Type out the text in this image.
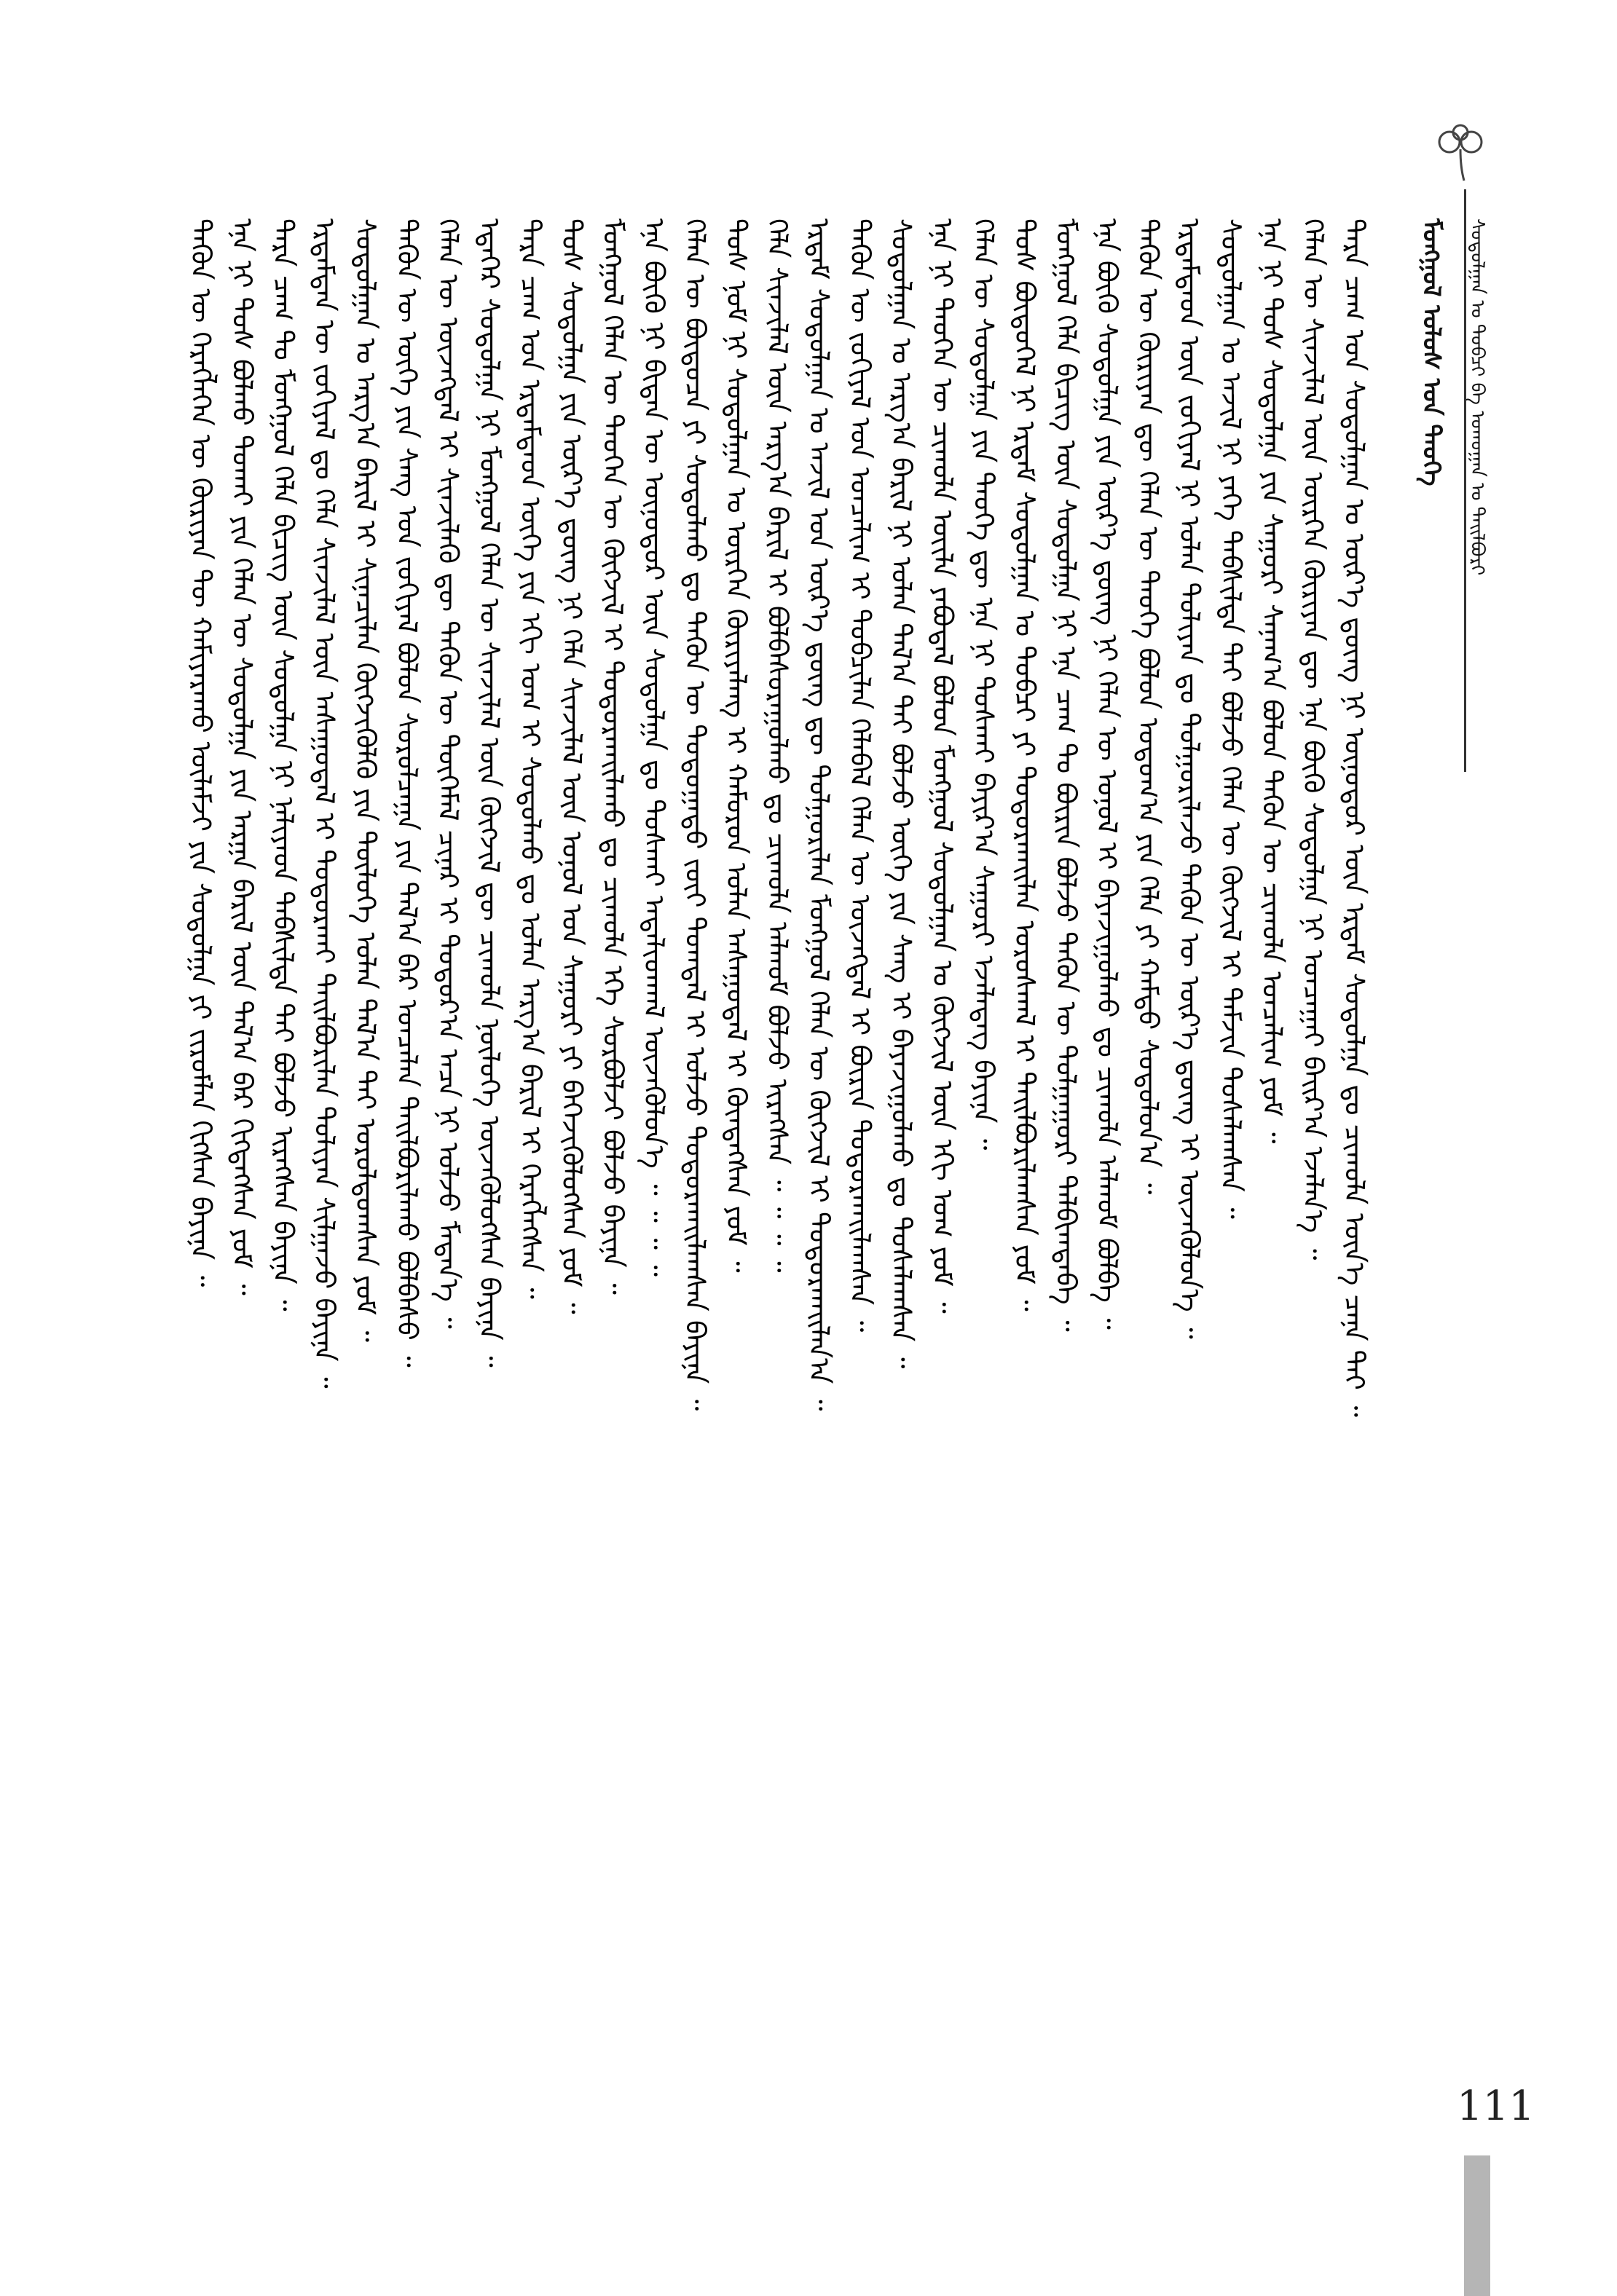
ᠮᠣᠩᠭᠣᠯ ᠤᠯᠤᠰ ᠤᠨ ᠲᠡᠦᠬᠡ	ᠰᠤᠳᠤᠯᠭᠠᠨ ᠤ ᠲᠣᠪᠴᠢ ᠪᠠ ᠤᠬᠤᠭᠠᠨ ᠤ ᠲᠠᠢᠯᠪᠤᠷᠢ
ᠲᠡᠭᠦᠨ ᠦ ᠬᠡᠷᠡᠭᠯᠡᠭᠡᠨ ᠦ ᠬᠦᠷᠢᠶᠡᠨ ᠲᠦ ᠬᠠᠮᠢᠶᠠᠷᠠᠬᠤ ᠦᠯᠡᠮᠵᠢ ᠶᠢᠨ ᠰᠤᠳᠤᠯᠭᠠ ᠶᠢ ᠵᠢᠷᠤᠮᠯᠠᠨ ᠬᠢᠭᠰᠡᠨ ᠪᠠᠶᠢᠨᠠ ᠃ ᠡᠨᠡ ᠨᠢ ᠲᠤᠰ ᠪᠣᠯᠬᠤ ᠲᠤᠬᠠᠢ ᠶᠢᠨ ᠬᠡᠯᠡᠨ ᠦ ᠰᠤᠳᠤᠯᠭᠠ ᠶᠢᠨ ᠠᠷᠭᠠ ᠪᠠᠷᠢᠯ ᠦᠨ ᠲᠠᠯ᠎ᠠ ᠪᠠᠷ ᠬᠢᠭᠳᠡᠭᠰᠡᠨ ᠶᠤᠮ ᠃ ᠲᠡᠷᠡ ᠴᠠᠭ ᠲᠤ ᠮᠣᠩᠭᠣᠯ ᠬᠡᠯᠡ ᠪᠢᠴᠢᠭ ᠦᠨ ᠰᠤᠳᠤᠯᠭᠠ ᠨᠢ ᠨᠡᠯᠢᠶᠡᠳ ᠳᠡᠪᠰᠢᠯᠲᠡ ᠲᠠᠢ ᠪᠣᠯᠵᠤ ᠢᠷᠡᠭᠰᠡᠨ ᠪᠠᠶᠢᠨᠠ ᠃ ᠡᠷᠳᠡᠮᠲᠡᠨ ᠦ ᠵᠣᠬᠢᠶᠠᠯ ᠳᠤ ᠬᠡᠯᠡ ᠰᠢᠨᠵᠢᠯᠡᠯ ᠦᠨ ᠠᠰᠠᠭᠤᠳᠠᠯ ᠢ ᠲᠣᠳᠣᠷᠬᠠᠢ ᠲᠠᠢᠯᠪᠤᠷᠢᠯᠠᠨ ᠲᠤᠯᠢᠶᠠᠨ ᠰᠢᠯᠭᠠᠵᠤ ᠪᠠᠶᠢᠨᠠ ᠃ ᠰᠤᠳᠤᠯᠭᠠᠨ ᠤ ᠠᠷᠭ᠎ᠠ ᠪᠠᠷᠢᠯ ᠢ ᠱᠢᠨᠡᠴᠢᠯᠡᠨ ᠬᠥᠭᠵᠢᠭᠦᠯᠬᠦ ᠶᠢᠨ ᠲᠥᠯᠥᠭᠡ ᠣᠯᠠᠨ ᠲᠠᠯ᠎ᠠ ᠲᠠᠢ ᠣᠷᠣᠯᠳᠤᠭᠰᠠᠨ ᠶᠤᠮ ᠃ ᠲᠡᠭᠦᠨ ᠦ ᠦᠭᠡ ᠶᠢᠨ ᠰᠠᠩ ᠤᠨ ᠵᠣᠬᠢᠶᠠᠯ ᠪᠣᠯᠣᠨ ᠰᠤᠷᠤᠯᠴᠠᠭᠠ ᠶᠢᠨ ᠲᠠᠯ᠎ᠠ ᠪᠠᠷ ᠣᠨᠴᠠᠯᠠᠨ ᠲᠠᠢᠯᠪᠤᠷᠢᠯᠠᠬᠤ ᠪᠣᠯᠪᠠᠰᠤ ᠃ ᠬᠡᠯᠡᠨ ᠦ ᠦᠵᠡᠭᠳᠡᠯ ᠢ ᠰᠢᠨᠵᠢᠯᠡᠬᠦ ᠳᠦ ᠲᠡᠭᠦᠨ ᠦ ᠲᠦᠭᠡᠮᠡᠯ ᠴᠢᠨᠠᠷ ᠢ ᠳᠣᠲᠣᠷ᠎ᠠ ᠠᠴᠠ ᠨᠢ ᠣᠯᠵᠤ ᠮᠡᠳᠡᠨ᠎ᠡ ᠃ ᠡᠳᠡᠭᠡᠷ ᠰᠤᠳᠤᠯᠭᠠ ᠨᠢ ᠮᠣᠩᠭᠣᠯ ᠬᠡᠯᠡᠨ ᠦ ᠰᠢᠨᠵᠢᠯᠡᠯ ᠦᠨ ᠬᠥᠭᠵᠢᠯ ᠳᠦ ᠴᠢᠬᠤᠯᠠ ᠨᠥᠯᠥᠭᠡ ᠦᠵᠡᠭᠦᠯᠦᠭᠰᠡᠨ ᠪᠠᠶᠢᠨᠠ ᠃ ᠲᠡᠷᠡ ᠴᠠᠭ ᠤᠨ ᠡᠷᠳᠡᠮᠲᠡᠳ ᠦᠭᠡ ᠶᠢᠨ ᠡᠬᠢ ᠤᠭ ᠢ ᠰᠤᠳᠤᠯᠬᠤ ᠳᠤ ᠣᠯᠠᠨ ᠠᠷᠭ᠎ᠠ ᠪᠠᠷᠢᠯ ᠢ ᠬᠡᠷᠡᠭᠯᠡᠭᠰᠡᠨ ᠃ ᠲᠤᠰ ᠰᠤᠳᠤᠯᠭᠠ ᠶᠢᠨ ᠦᠷ᠎ᠡ ᠳ᠋ᠦᠩ ᠨᠢ ᠬᠡᠯᠡ ᠰᠢᠨᠵᠢᠯᠡᠯ ᠦᠨ ᠣᠨᠣᠯ ᠤᠨ ᠰᠠᠭᠤᠷᠢ ᠶᠢ ᠪᠡᠬᠡᠵᠢᠭᠦᠯᠦᠭᠰᠡᠨ ᠶᠤᠮ ᠃ ᠮᠣᠩᠭᠣᠯ ᠬᠡᠯᠡᠨ ᠦ ᠲᠡᠦᠬᠡᠨ ᠦ ᠬᠥᠭᠵᠢᠯ ᠢ ᠲᠣᠳᠣᠷᠬᠠᠢᠯᠠᠬᠤ ᠳᠤ ᠴᠢᠬᠤᠯᠠ ᠡᠬᠡ ᠰᠤᠷᠪᠤᠯᠵᠢ ᠪᠣᠯᠵᠤ ᠪᠠᠶᠢᠨᠠ ᠃ ᠡᠨᠡ ᠪᠦᠬᠦ ᠨᠢ ᠪᠢᠳᠡᠨ ᠦ ᠥᠨᠥᠳᠦᠷ ᠦᠨ ᠰᠤᠳᠤᠯᠭᠠ ᠳᠤ ᠲᠤᠰᠬᠠᠢ ᠠᠳᠠᠯᠢᠳᠬᠠᠯ ᠦᠵᠡᠭᠦᠯᠦᠨ᠎ᠡ ᠃ ᠃ ᠃ ᠃ ᠬᠡᠯᠡᠨ ᠦ ᠪᠦᠲᠦᠴᠡ ᠶᠢ ᠰᠤᠳᠤᠯᠬᠤ ᠳᠤ ᠲᠡᠭᠦᠨ ᠦ ᠳᠣᠲᠣᠭᠠᠳᠤ ᠵᠦᠢ ᠲᠣᠭᠲᠠᠯ ᠢ ᠣᠯᠵᠤ ᠲᠣᠳᠣᠷᠬᠠᠢᠯᠠᠭᠰᠠᠨ ᠪᠠᠶᠢᠨᠠ ᠃ ᠲᠤᠰ ᠨᠣᠮ ᠨᠢ ᠰᠤᠳᠤᠯᠭᠠᠨ ᠤ ᠥᠷᠭᠡᠨ ᠬᠦᠷᠢᠶᠡᠯᠡᠩ ᠢ ᠬᠠᠮᠤᠷᠤᠨ ᠣᠯᠠᠨ ᠠᠰᠠᠭᠤᠳᠠᠯ ᠢ ᠬᠥᠨᠳᠡᠭᠰᠡᠨ ᠶᠤᠮ ᠃ ᠬᠡᠯᠡ ᠰᠢᠨᠵᠢᠯᠡᠯ ᠦᠨ ᠠᠷᠭ᠎ᠠ ᠪᠠᠷᠢᠯ ᠢ ᠪᠣᠯᠪᠠᠰᠤᠷᠠᠭᠤᠯᠬᠤ ᠳᠤ ᠴᠢᠬᠤᠯᠠ ᠠᠯᠬᠤᠮ ᠪᠣᠯᠵᠤ ᠢᠷᠡᠭᠰᠡᠨ ᠃ ᠃ ᠃ ᠃ ᠡᠷᠳᠡᠮ ᠰᠤᠳᠤᠯᠭᠠᠨ ᠤ ᠠᠵᠢᠯ ᠤᠨ ᠦᠷ᠎ᠡ ᠳ᠋ᠦᠩ ᠳᠦ ᠲᠤᠯᠭᠤᠷᠢᠯᠠᠨ ᠮᠣᠩᠭᠣᠯ ᠬᠡᠯᠡᠨ ᠦ ᠬᠥᠭᠵᠢᠯ ᠢ ᠲᠣᠳᠣᠷᠬᠠᠢᠯᠠᠨ᠎ᠠ ᠃ ᠲᠡᠭᠦᠨ ᠦ ᠵᠣᠬᠢᠶᠠᠯ ᠤᠨ ᠣᠨᠴᠠᠯᠢᠭ ᠢ ᠲᠣᠪᠴᠢᠯᠠᠨ ᠬᠡᠯᠡᠪᠡᠯ ᠬᠡᠯᠡᠨ ᠦ ᠦᠵᠡᠭᠳᠡᠯ ᠢ ᠪᠦᠷᠢᠨ ᠲᠣᠳᠣᠷᠬᠠᠢᠯᠠᠭᠰᠠᠨ ᠃ ᠰᠤᠳᠤᠯᠭᠠᠨ ᠤ ᠠᠷᠭ᠎ᠠ ᠪᠠᠷᠢᠯ ᠨᠢ ᠣᠯᠠᠨ ᠲᠠᠯ᠎ᠠ ᠲᠠᠢ ᠪᠣᠯᠵᠤ ᠦᠭᠡ ᠶᠢᠨ ᠰᠠᠩ ᠢ ᠪᠠᠶᠠᠵᠢᠭᠤᠯᠬᠤ ᠳᠤ ᠲᠤᠰᠠᠯᠠᠭᠰᠠᠨ ᠃ ᠡᠨᠡ ᠨᠢ ᠲᠡᠦᠬᠡᠨ ᠦ ᠴᠢᠬᠤᠯᠠ ᠦᠢᠯᠡ ᠶᠠᠪᠤᠳᠠᠯ ᠪᠣᠯᠣᠨ ᠮᠣᠩᠭᠣᠯ ᠰᠤᠳᠤᠯᠭᠠᠨ ᠤ ᠬᠥᠭᠵᠢᠯ ᠦᠨ ᠡᠬᠢ ᠤᠭ ᠶᠤᠮ ᠃ ᠬᠡᠯᠡᠨ ᠦ ᠰᠤᠳᠤᠯᠭᠠ ᠶᠢᠨ ᠲᠡᠦᠬᠡ ᠳᠦ ᠡᠨᠡ ᠨᠢ ᠲᠤᠰᠬᠠᠢ ᠪᠠᠶᠢᠷ᠎ᠠ ᠰᠠᠭᠤᠷᠢ ᠡᠵᠡᠯᠡᠳᠡᠭ ᠪᠠᠶᠢᠨᠠ ᠃ ᠲᠤᠰ ᠪᠦᠲᠦᠭᠡᠯ ᠨᠢ ᠡᠷᠳᠡᠮ ᠰᠤᠳᠤᠯᠭᠠᠨ ᠤ ᠲᠣᠪᠴᠢ ᠶᠢ ᠲᠣᠳᠣᠷᠬᠠᠢᠯᠠᠨ ᠤᠷᠤᠰᠬᠠᠯ ᠢ ᠲᠠᠢᠯᠪᠤᠷᠢᠯᠠᠭᠰᠠᠨ ᠶᠤᠮ ᠃ ᠮᠣᠩᠭᠣᠯ ᠬᠡᠯᠡ ᠪᠢᠴᠢᠭ ᠦᠨ ᠰᠤᠳᠤᠯᠭᠠ ᠨᠢ ᠡᠨᠡ ᠴᠠᠭ ᠲᠤ ᠪᠦᠷᠢᠨ ᠪᠣᠯᠵᠤ ᠲᠡᠭᠦᠨ ᠦ ᠲᠤᠯᠭᠠᠭᠤᠷᠢ ᠲᠠᠯᠪᠢᠭᠳᠠᠪᠠ ᠃ ᠡᠨᠡ ᠪᠦᠬᠦ ᠰᠤᠳᠤᠯᠭᠠ ᠶᠢᠨ ᠦᠷ᠎ᠡ ᠳ᠋ᠦᠩ ᠨᠢ ᠬᠡᠯᠡᠨ ᠦ ᠣᠨᠣᠯ ᠢ ᠪᠠᠶᠠᠵᠢᠭᠤᠯᠬᠤ ᠳᠤ ᠴᠢᠬᠤᠯᠠ ᠠᠯᠬᠤᠮ ᠪᠣᠯᠪᠠ ᠃ ᠲᠡᠭᠦᠨ ᠦ ᠬᠦᠷᠢᠶᠡᠨ ᠳᠦ ᠬᠡᠯᠡᠨ ᠦ ᠲᠡᠦᠬᠡ ᠪᠣᠯᠣᠨ ᠣᠳᠣᠭ᠎ᠠ ᠶᠢᠨ ᠬᠡᠯᠡ ᠶᠢ ᠬᠠᠮᠲᠤ ᠰᠤᠳᠤᠯᠤᠨ᠎ᠠ ᠃ ᠡᠷᠳᠡᠮᠲᠡᠳ ᠦᠨ ᠵᠣᠬᠢᠶᠠᠯ ᠨᠢ ᠣᠯᠠᠨ ᠲᠤᠯᠢᠶᠠᠨ ᠳᠤ ᠲᠤᠯᠭᠤᠷᠢᠯᠠᠵᠤ ᠲᠡᠭᠦᠨ ᠦ ᠦᠷ᠎ᠡ ᠳ᠋ᠦᠩ ᠢ ᠦᠵᠡᠭᠦᠯᠦᠨ᠎ᠡ ᠃ ᠰᠤᠳᠤᠯᠭᠠᠨ ᠤ ᠠᠵᠢᠯ ᠨᠢ ᠶᠡᠬᠡ ᠳᠡᠪᠰᠢᠯᠲᠡ ᠲᠠᠢ ᠪᠣᠯᠵᠤ ᠬᠡᠯᠡᠨ ᠦ ᠬᠥᠭᠵᠢᠯ ᠢ ᠳᠡᠮᠵᠢᠨ ᠲᠤᠰᠠᠯᠠᠭᠰᠠᠨ ᠃ ᠡᠨᠡ ᠨᠢ ᠲᠤᠰ ᠰᠤᠳᠤᠯᠭᠠ ᠶᠢᠨ ᠰᠠᠭᠤᠷᠢ ᠰᠠᠨᠠᠭ᠎ᠠ ᠪᠣᠯᠣᠨ ᠲᠡᠭᠦᠨ ᠦ ᠴᠢᠬᠤᠯᠠ ᠣᠨᠴᠠᠯᠢᠭ ᠶᠤᠮ ᠃ ᠬᠡᠯᠡᠨ ᠦ ᠰᠢᠨᠵᠢᠯᠡᠯ ᠦᠨ ᠥᠷᠭᠡᠨ ᠬᠦᠷᠢᠶᠡᠨ ᠳᠦ ᠡᠨᠡ ᠪᠦᠬᠦ ᠰᠤᠳᠤᠯᠭᠠ ᠨᠢ ᠣᠨᠴᠠᠭᠠᠢ ᠪᠠᠢᠷ᠎ᠠ ᠡᠵᠡᠯᠡᠨ᠎ᠡ ᠃ ᠲᠡᠷᠡ ᠴᠠᠭ ᠤᠨ ᠰᠤᠳᠤᠯᠭᠠᠨ ᠤ ᠦᠷ᠎ᠡ ᠳ᠋ᠦᠩ ᠨᠢ ᠥᠨᠥᠳᠦᠷ ᠦᠨ ᠡᠷᠳᠡᠮ ᠰᠤᠳᠤᠯᠭᠠ ᠳᠤ ᠴᠢᠬᠤᠯᠠ ᠦᠨ᠎ᠡ ᠴᠡᠨᠡ ᠲᠠᠢ ᠃
111
